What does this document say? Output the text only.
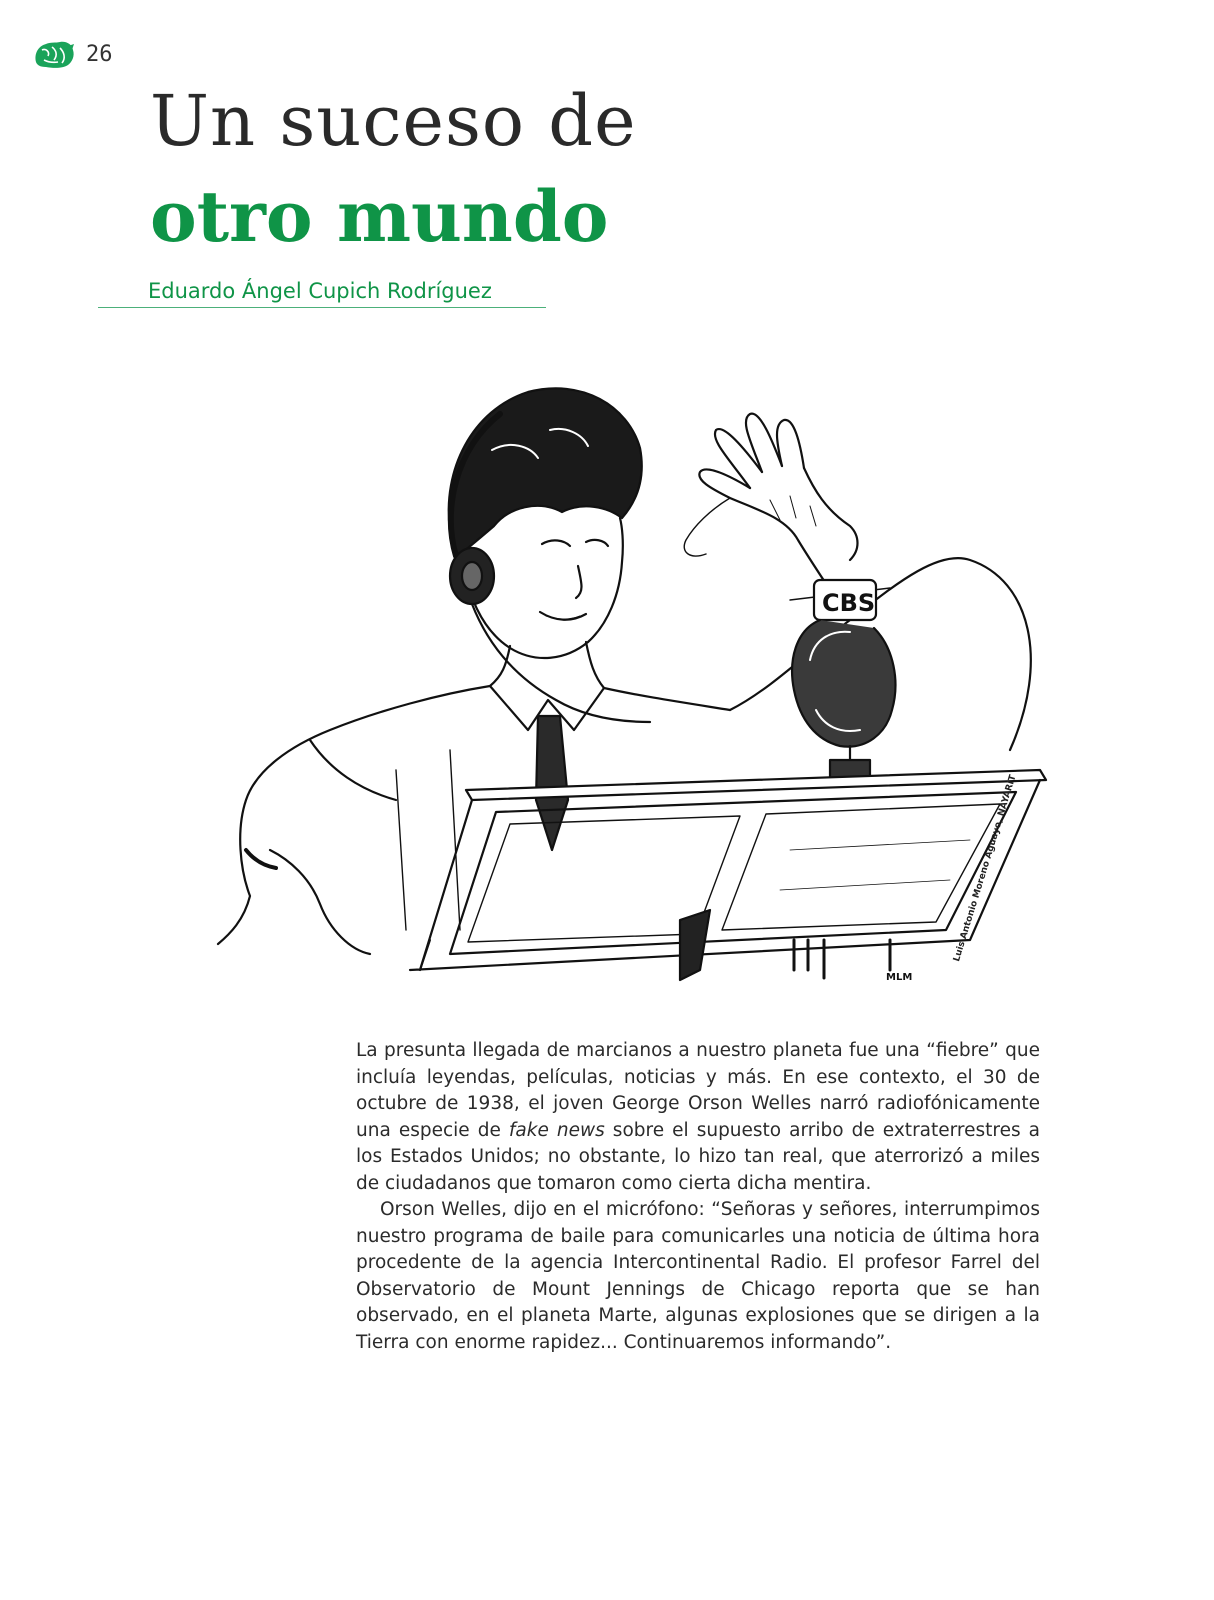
26
Un suceso de
otro mundo
Eduardo Ángel Cupich Rodríguez
CBS
MLM
Luis Antonio Moreno Aguayo, NAYARIT

La presunta llegada de marcianos a nuestro planeta fue una “fiebre” que incluía leyendas, películas, noticias y más. En ese contexto, el 30 de octubre de 1938, el joven George Orson Welles narró radiofónicamente una especie de fake news sobre el supuesto arribo de extraterrestres a los Estados Unidos; no obstante, lo hizo tan real, que aterrorizó a miles de ciudadanos que tomaron como cierta dicha mentira.

Orson Welles, dijo en el micrófono: “Señoras y señores, interrumpimos nuestro programa de baile para comunicarles una noticia de última hora procedente de la agencia Intercontinental Radio. El profesor Farrel del Observatorio de Mount Jennings de Chicago reporta que se han observado, en el planeta Marte, algunas explosiones que se dirigen a la Tierra con enorme rapidez... Continuaremos informando”.
